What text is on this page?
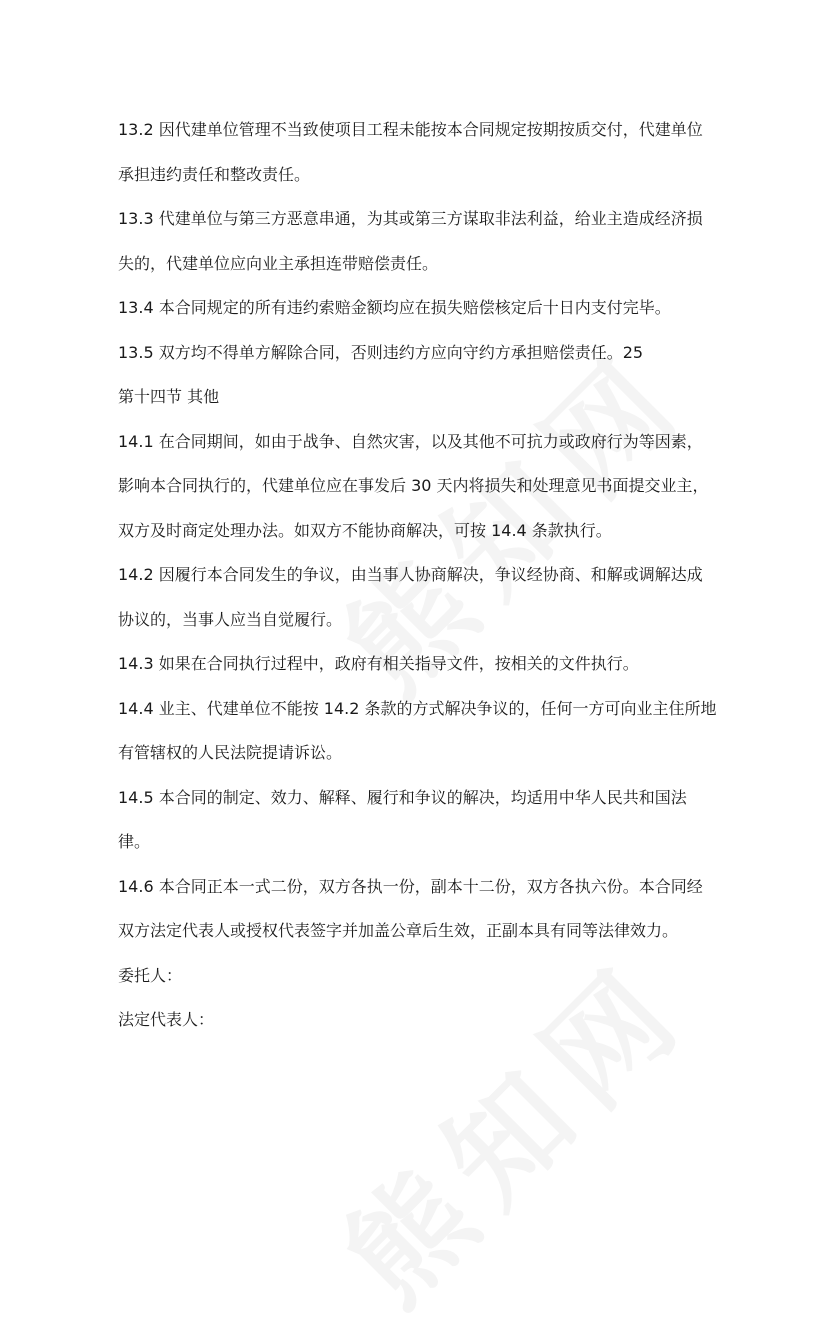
13.2 因代建单位管理不当致使项目工程未能按本合同规定按期按质交付，代建单位承担违约责任和整改责任。

13.3 代建单位与第三方恶意串通，为其或第三方谋取非法利益，给业主造成经济损失的，代建单位应向业主承担连带赔偿责任。

13.4 本合同规定的所有违约索赔金额均应在损失赔偿核定后十日内支付完毕。

13.5 双方均不得单方解除合同，否则违约方应向守约方承担赔偿责任。25

第十四节 其他

14.1 在合同期间，如由于战争、自然灾害，以及其他不可抗力或政府行为等因素，影响本合同执行的，代建单位应在事发后 30 天内将损失和处理意见书面提交业主，双方及时商定处理办法。如双方不能协商解决，可按 14.4 条款执行。

14.2 因履行本合同发生的争议，由当事人协商解决，争议经协商、和解或调解达成协议的，当事人应当自觉履行。

14.3 如果在合同执行过程中，政府有相关指导文件，按相关的文件执行。

14.4 业主、代建单位不能按 14.2 条款的方式解决争议的，任何一方可向业主住所地有管辖权的人民法院提请诉讼。

14.5 本合同的制定、效力、解释、履行和争议的解决，均适用中华人民共和国法律。

14.6 本合同正本一式二份，双方各执一份，副本十二份，双方各执六份。本合同经双方法定代表人或授权代表签字并加盖公章后生效，正副本具有同等法律效力。

委托人：

法定代表人：
